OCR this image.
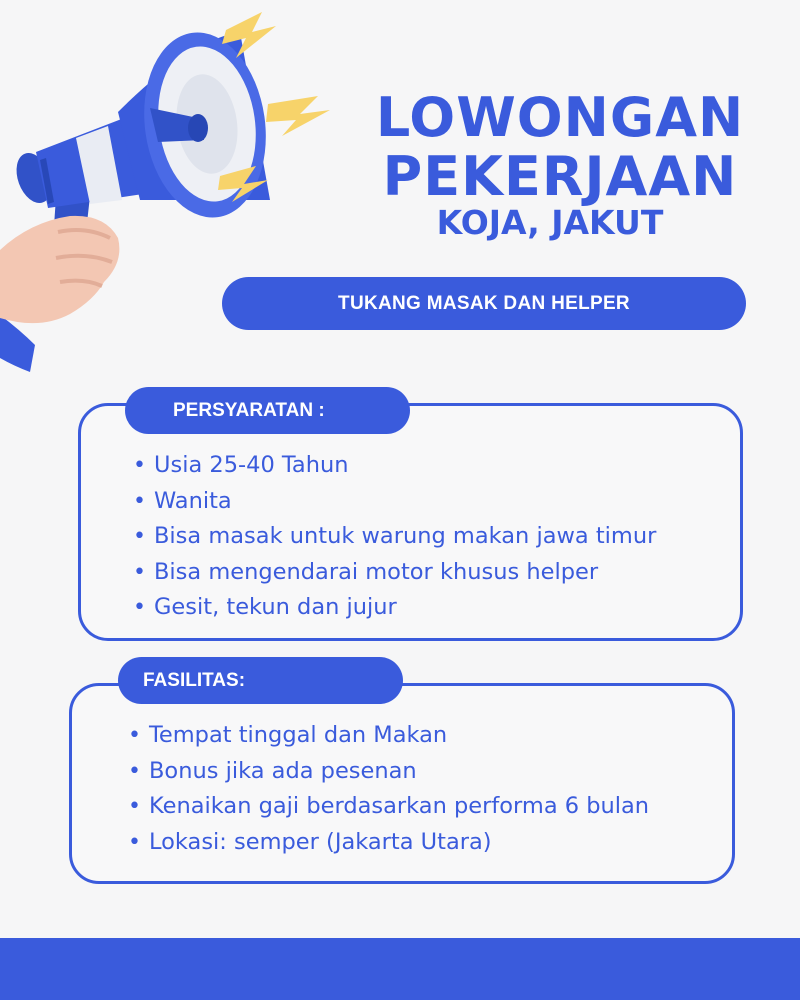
LOWONGAN
PEKERJAAN
KOJA, JAKUT
TUKANG MASAK DAN HELPER
PERSYARATAN :
• Usia 25-40 Tahun
• Wanita
• Bisa masak untuk warung makan jawa timur
• Bisa mengendarai motor khusus helper
• Gesit, tekun dan jujur
FASILITAS:
• Tempat tinggal dan Makan
• Bonus jika ada pesenan
• Kenaikan gaji berdasarkan performa 6 bulan
• Lokasi: semper (Jakarta Utara)
